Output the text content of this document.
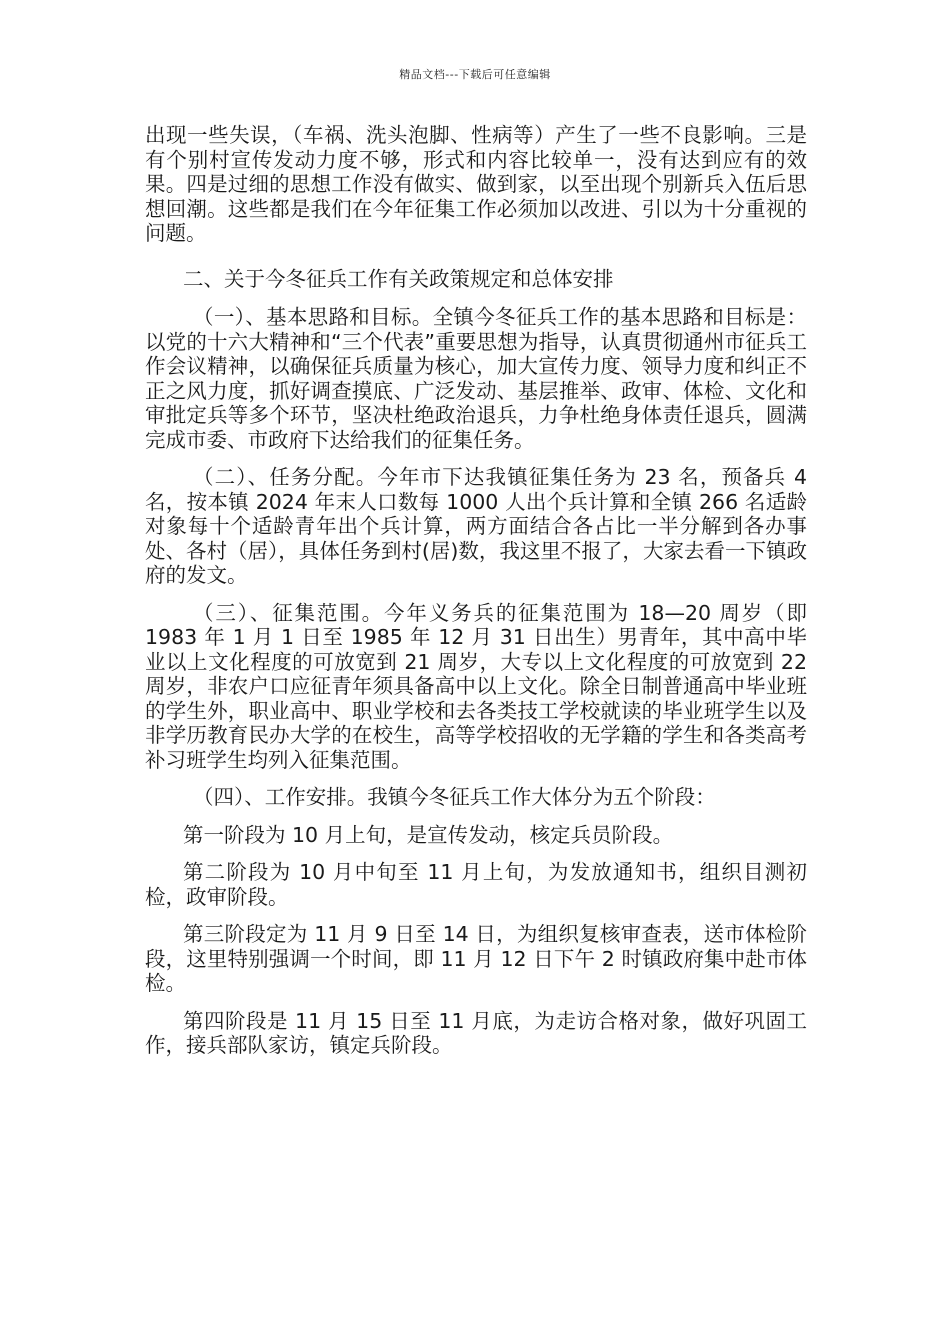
精品文档---下载后可任意编辑

出现一些失误，（车祸、洗头泡脚、性病等）产生了一些不良影响。三是有个别村宣传发动力度不够，形式和内容比较单一，没有达到应有的效果。四是过细的思想工作没有做实、做到家，以至出现个别新兵入伍后思想回潮。这些都是我们在今年征集工作必须加以改进、引以为十分重视的问题。

二、关于今冬征兵工作有关政策规定和总体安排

（一）、基本思路和目标。全镇今冬征兵工作的基本思路和目标是：以党的十六大精神和“三个代表”重要思想为指导，认真贯彻通州市征兵工作会议精神，以确保征兵质量为核心，加大宣传力度、领导力度和纠正不正之风力度，抓好调查摸底、广泛发动、基层推举、政审、体检、文化和审批定兵等多个环节，坚决杜绝政治退兵，力争杜绝身体责任退兵，圆满完成市委、市政府下达给我们的征集任务。

（二）、任务分配。今年市下达我镇征集任务为 23 名，预备兵 4 名，按本镇 2024 年末人口数每 1000 人出个兵计算和全镇 266 名适龄对象每十个适龄青年出个兵计算，两方面结合各占比一半分解到各办事处、各村（居），具体任务到村(居)数，我这里不报了，大家去看一下镇政府的发文。

（三）、征集范围。今年义务兵的征集范围为 18—20 周岁（即 1983 年 1 月 1 日至 1985 年 12 月 31 日出生）男青年，其中高中毕业以上文化程度的可放宽到 21 周岁，大专以上文化程度的可放宽到 22 周岁，非农户口应征青年须具备高中以上文化。除全日制普通高中毕业班的学生外，职业高中、职业学校和去各类技工学校就读的毕业班学生以及非学历教育民办大学的在校生，高等学校招收的无学籍的学生和各类高考补习班学生均列入征集范围。

（四）、工作安排。我镇今冬征兵工作大体分为五个阶段：

第一阶段为 10 月上旬，是宣传发动，核定兵员阶段。

第二阶段为 10 月中旬至 11 月上旬，为发放通知书，组织目测初检，政审阶段。

第三阶段定为 11 月 9 日至 14 日，为组织复核审查表，送市体检阶段，这里特别强调一个时间，即 11 月 12 日下午 2 时镇政府集中赴市体检。

第四阶段是 11 月 15 日至 11 月底，为走访合格对象，做好巩固工作，接兵部队家访，镇定兵阶段。
